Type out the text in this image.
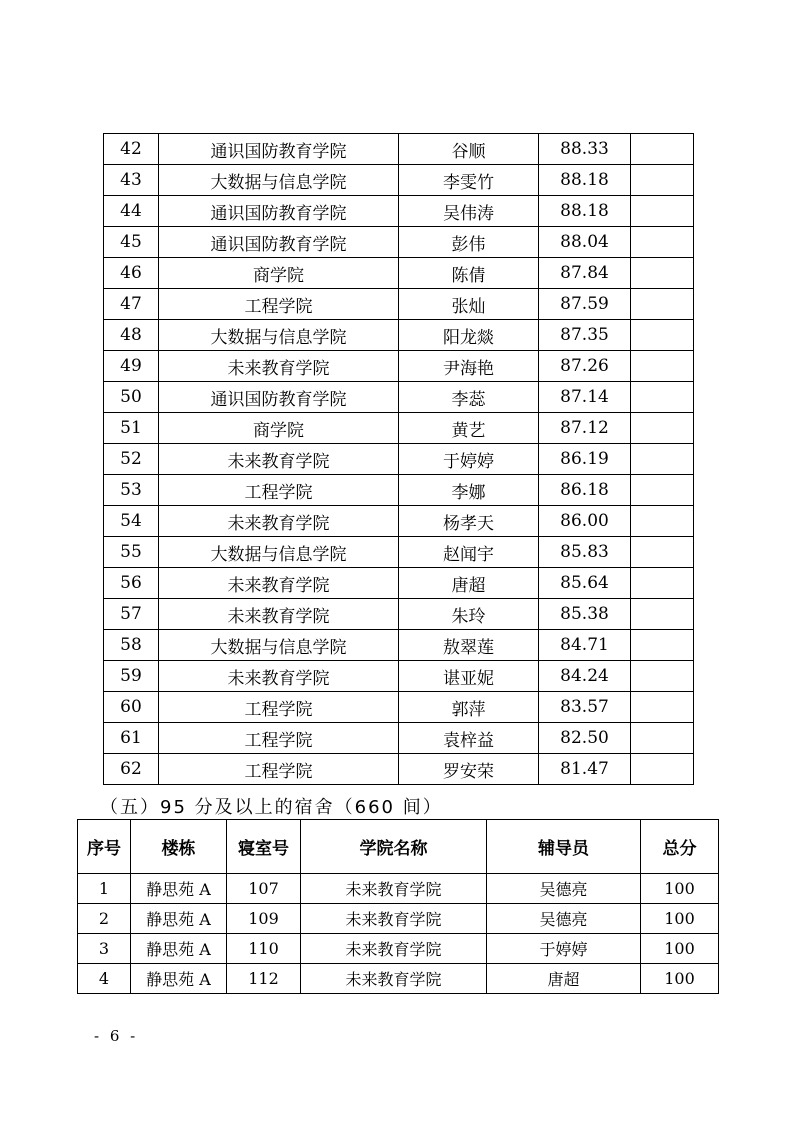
42	通识国防教育学院	谷顺	88.33	
43	大数据与信息学院	李雯竹	88.18	
44	通识国防教育学院	吴伟涛	88.18	
45	通识国防教育学院	彭伟	88.04	
46	商学院	陈倩	87.84	
47	工程学院	张灿	87.59	
48	大数据与信息学院	阳龙燚	87.35	
49	未来教育学院	尹海艳	87.26	
50	通识国防教育学院	李蕊	87.14	
51	商学院	黄艺	87.12	
52	未来教育学院	于婷婷	86.19	
53	工程学院	李娜	86.18	
54	未来教育学院	杨孝天	86.00	
55	大数据与信息学院	赵闻宇	85.83	
56	未来教育学院	唐超	85.64	
57	未来教育学院	朱玲	85.38	
58	大数据与信息学院	敖翠莲	84.71	
59	未来教育学院	谌亚妮	84.24	
60	工程学院	郭萍	83.57	
61	工程学院	袁梓益	82.50	
62	工程学院	罗安荣	81.47	
（五）95 分及以上的宿舍（660 间）
序号	楼栋	寝室号	学院名称	辅导员	总分
1	静思苑 A	107	未来教育学院	吴德亮	100
2	静思苑 A	109	未来教育学院	吴德亮	100
3	静思苑 A	110	未来教育学院	于婷婷	100
4	静思苑 A	112	未来教育学院	唐超	100
- 6 -
